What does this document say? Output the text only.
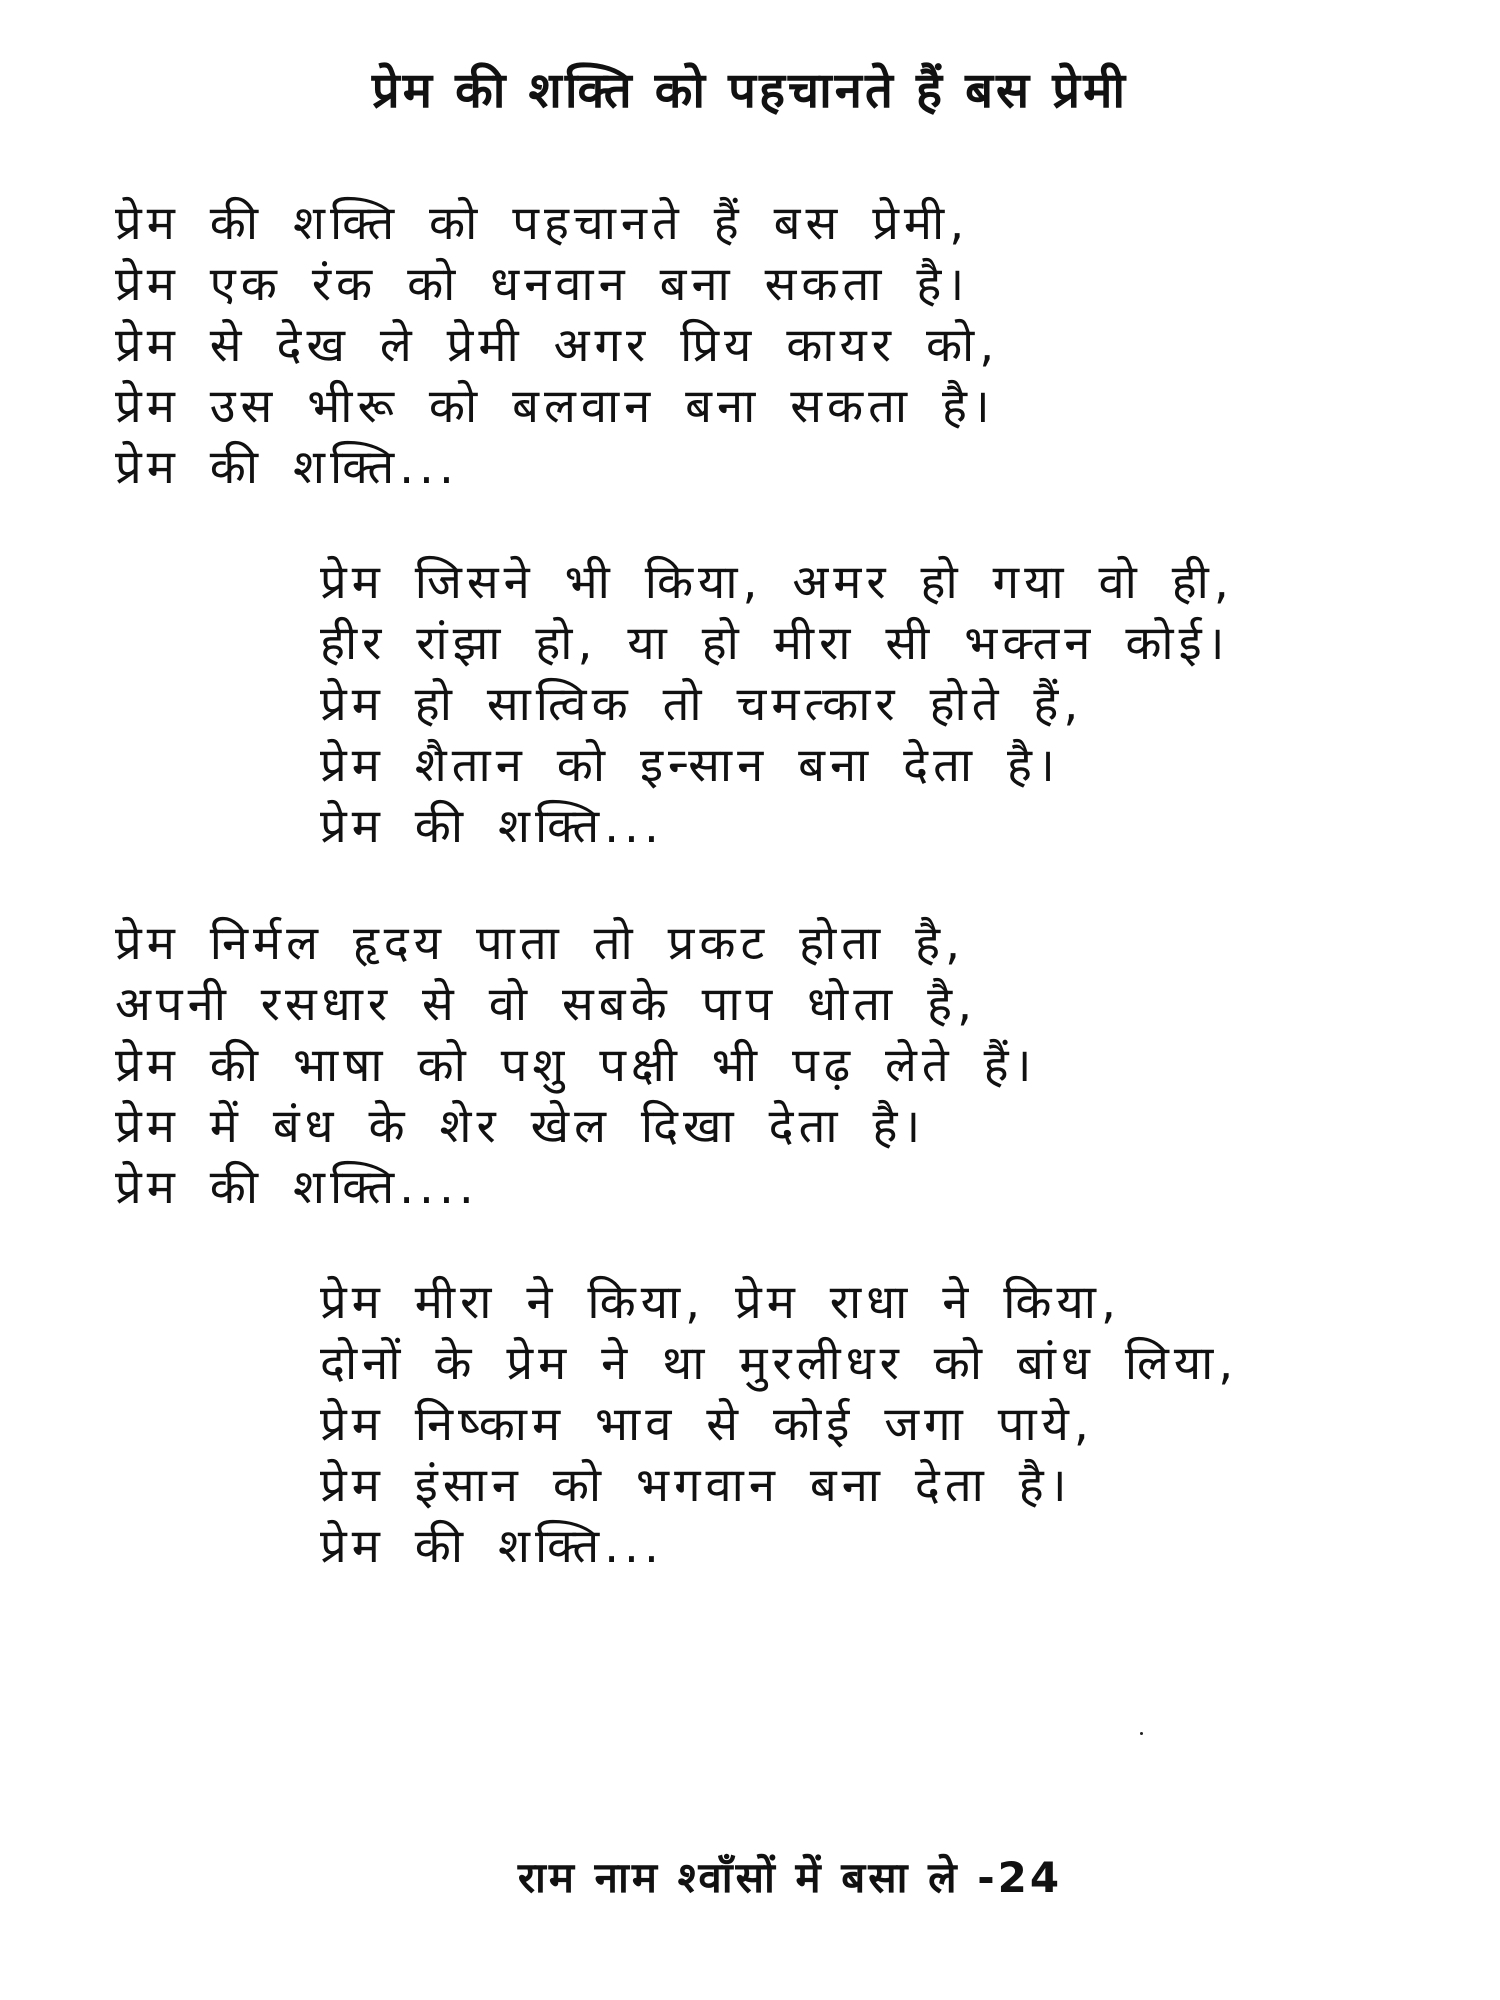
प्रेम की शक्ति को पहचानते हैं बस प्रेमी
प्रेम की शक्ति को पहचानते हैं बस प्रेमी,
प्रेम एक रंक को धनवान बना सकता है।
प्रेम से देख ले प्रेमी अगर प्रिय कायर को,
प्रेम उस भीरू को बलवान बना सकता है।
प्रेम की शक्ति...
प्रेम जिसने भी किया, अमर हो गया वो ही,
हीर रांझा हो, या हो मीरा सी भक्तन कोई।
प्रेम हो सात्विक तो चमत्कार होते हैं,
प्रेम शैतान को इन्सान बना देता है।
प्रेम की शक्ति...
प्रेम निर्मल हृदय पाता तो प्रकट होता है,
अपनी रसधार से वो सबके पाप धोता है,
प्रेम की भाषा को पशु पक्षी भी पढ़ लेते हैं।
प्रेम में बंध के शेर खेल दिखा देता है।
प्रेम की शक्ति....
प्रेम मीरा ने किया, प्रेम राधा ने किया,
दोनों के प्रेम ने था मुरलीधर को बांध लिया,
प्रेम निष्काम भाव से कोई जगा पाये,
प्रेम इंसान को भगवान बना देता है।
प्रेम की शक्ति...

राम नाम श्वाँसों में बसा ले -24
